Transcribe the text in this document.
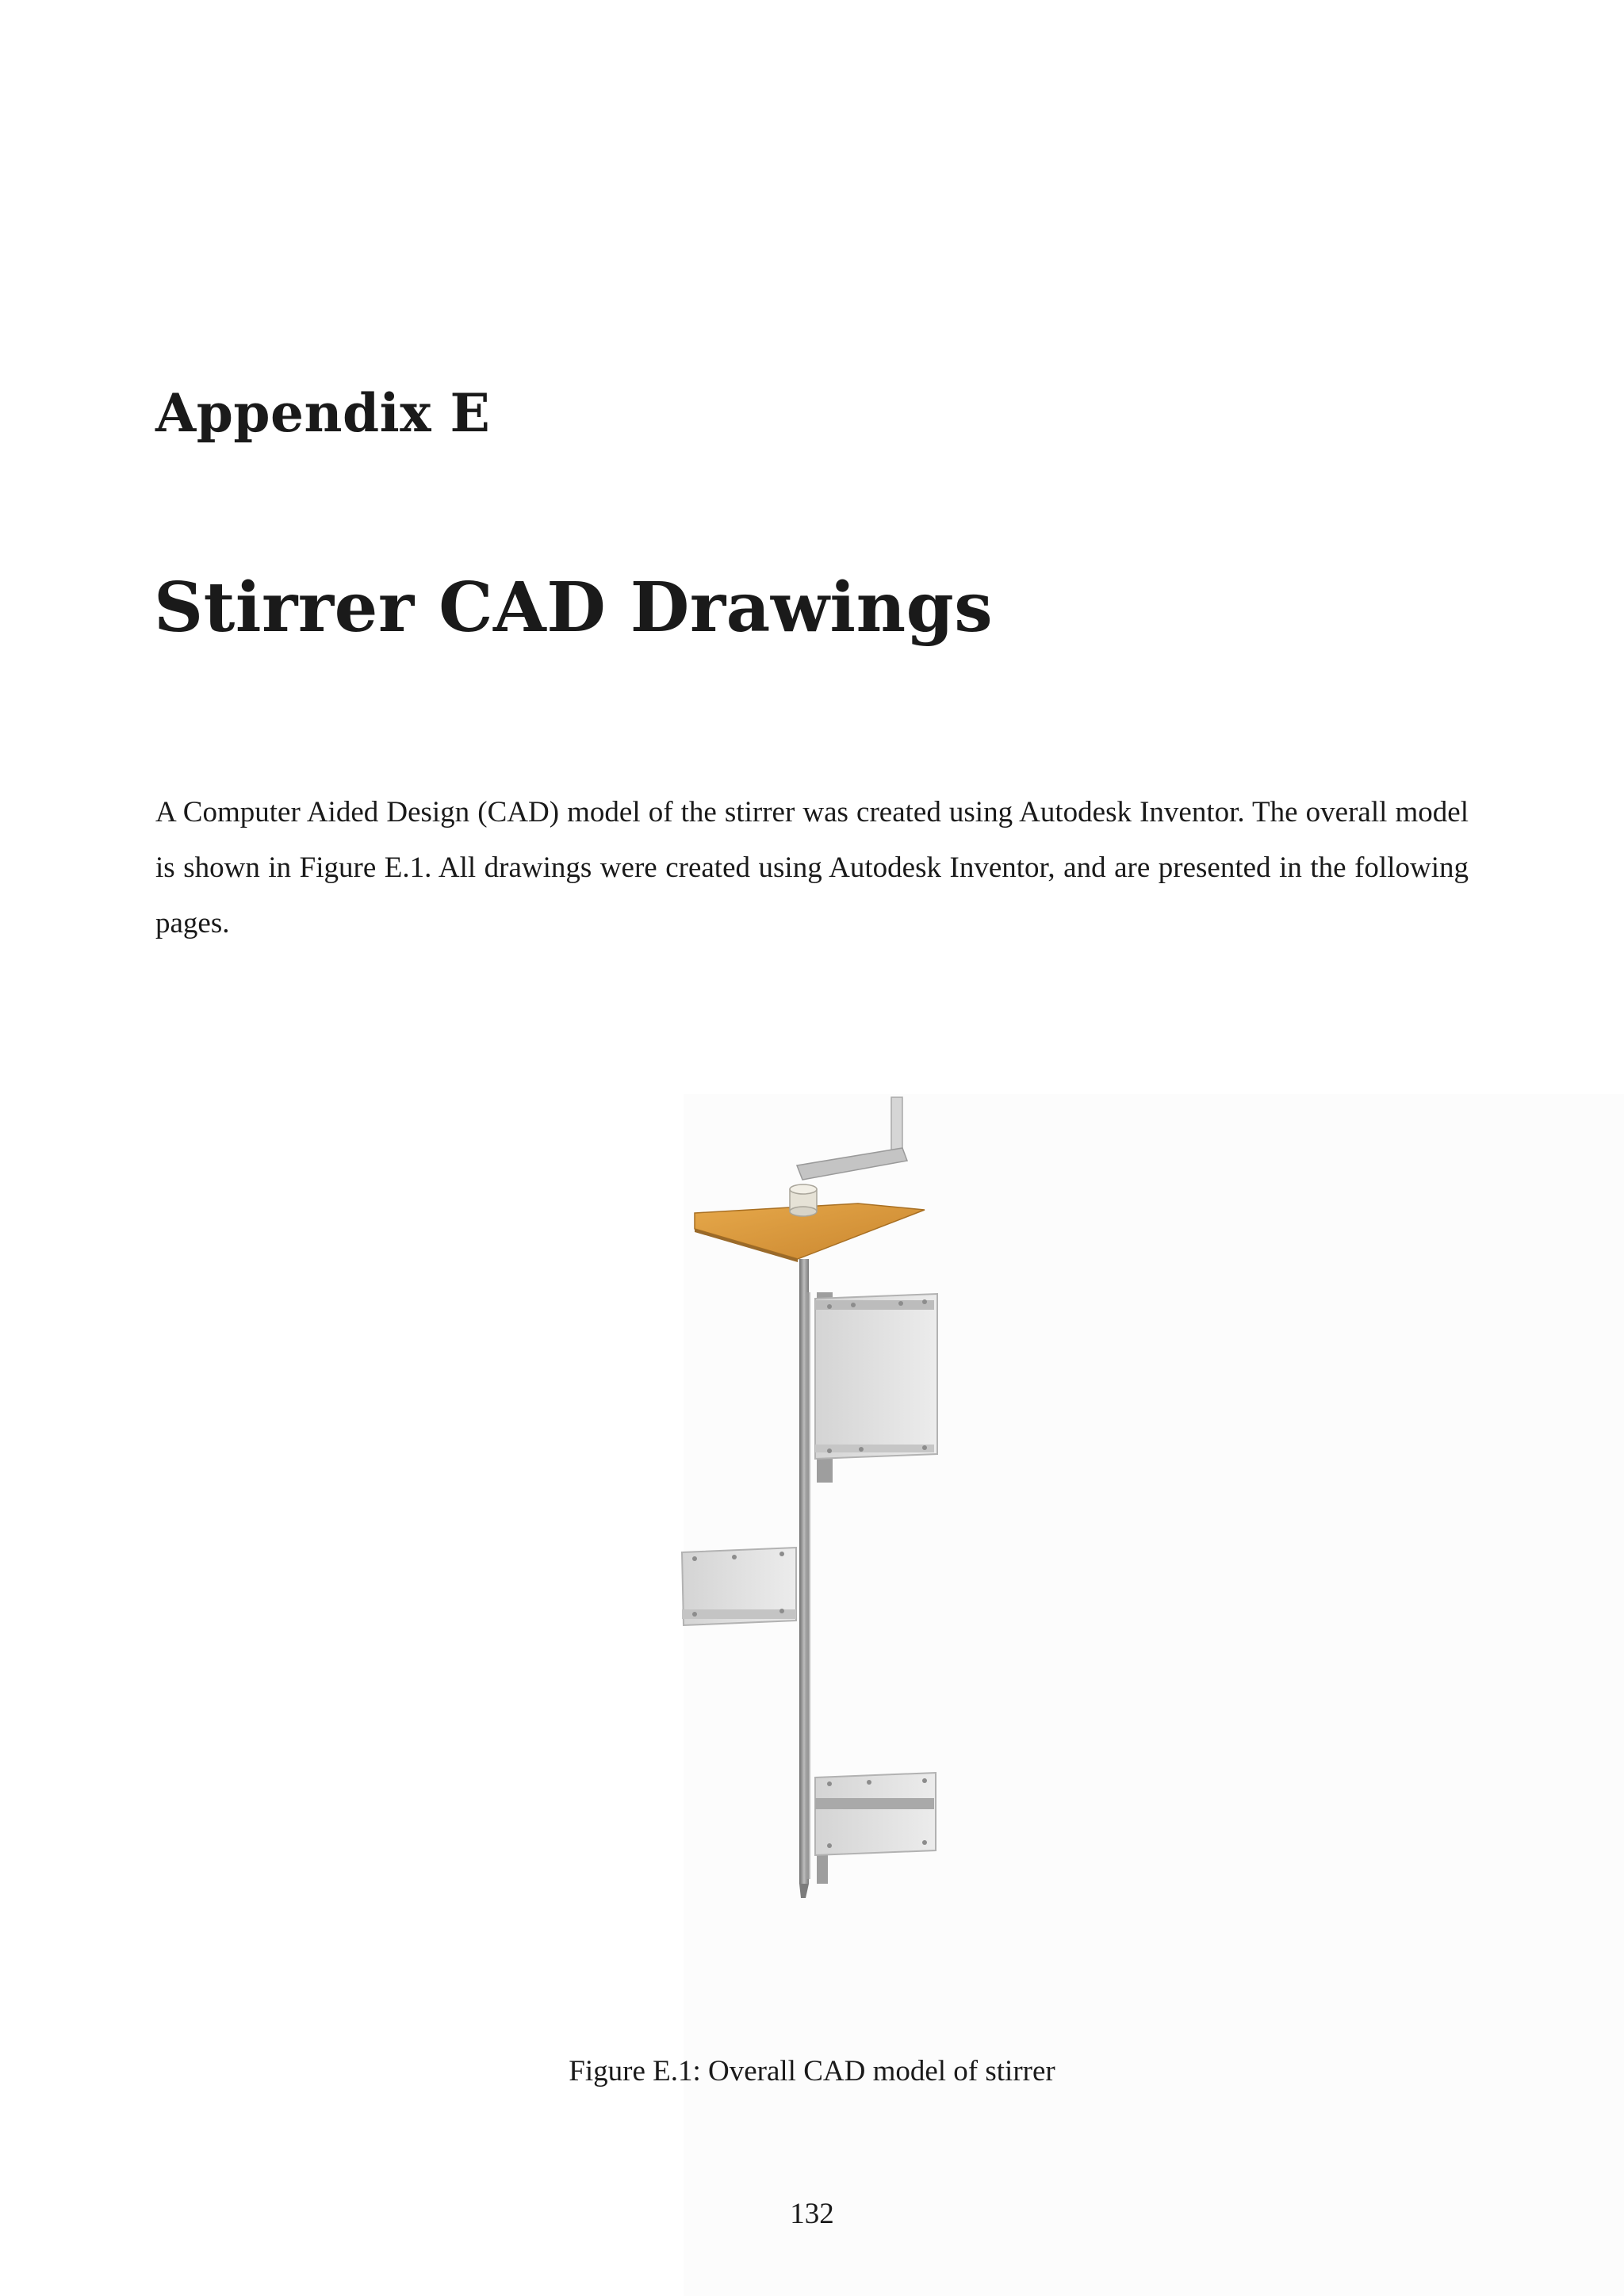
Appendix E
Stirrer CAD Drawings

A Computer Aided Design (CAD) model of the stirrer was created using Autodesk Inventor. The overall model is shown in Figure E.1. All drawings were created using Autodesk Inventor, and are presented in the following pages.

Figure E.1: Overall CAD model of stirrer

132
